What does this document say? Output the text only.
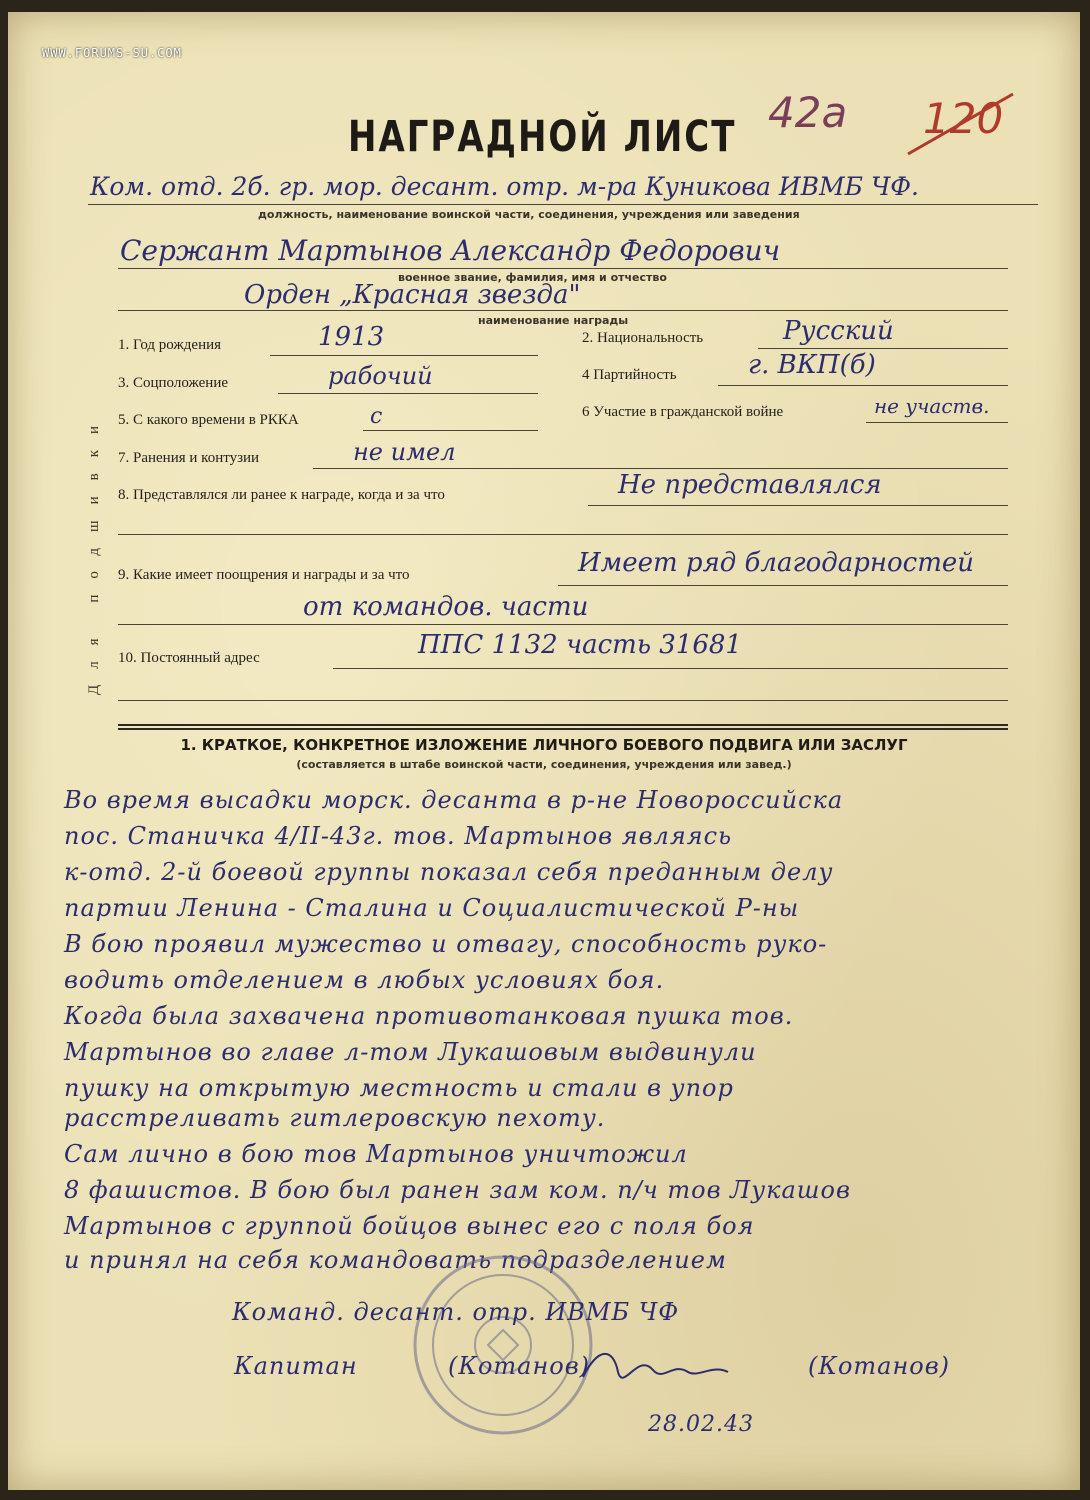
WWW.FORUMS-SU.COM
НАГРАДНОЙ ЛИСТ 42а 120
Ком. отд. 2б. гр. мор. десант. отр. м-ра Куникова ИВМБ ЧФ.
должность, наименование воинской части, соединения, учреждения или заведения
Сержант Мартынов Александр Федорович
военное звание, фамилия, имя и отчество
Орден „Красная звезда"
наименование награды
Для подшивки
1. Год рождения	1913	2. Национальность	Русский
3. Соцположение	рабочий	4 Партийность	г. ВКП(б)
5. С какого времени в РККА	с	6 Участие в гражданской войне	не участв.
7. Ранения и контузии	не имел
8. Представлялся ли ранее к награде, когда и за что	Не представлялся
9. Какие имеет поощрения и награды и за что	Имеет ряд благодарностей
от командов. части
10. Постоянный адрес	ППС 1132 часть 31681
1. КРАТКОЕ, КОНКРЕТНОЕ ИЗЛОЖЕНИЕ ЛИЧНОГО БОЕВОГО ПОДВИГА ИЛИ ЗАСЛУГ
(составляется в штабе воинской части, соединения, учреждения или завед.)
Во время высадки морск. десанта в р-не Новороссийска
пос. Станичка 4/II-43г. тов. Мартынов являясь
к-отд. 2-й боевой группы показал себя преданным делу
партии Ленина - Сталина и Социалистической Р-ны
В бою проявил мужество и отвагу, способность руко-
водить отделением в любых условиях боя.
Когда была захвачена противотанковая пушка тов.
Мартынов во главе л-том Лукашовым выдвинули
пушку на открытую местность и стали в упор
расстреливать гитлеровскую пехоту.
Сам лично в бою тов Мартынов уничтожил
8 фашистов. В бою был ранен зам ком. п/ч тов Лукашов
Мартынов с группой бойцов вынес его с поля боя
и принял на себя командовать подразделением
Команд. десант. отр. ИВМБ ЧФ
Капитан	(Котанов)	(Котанов)
28.02.43
